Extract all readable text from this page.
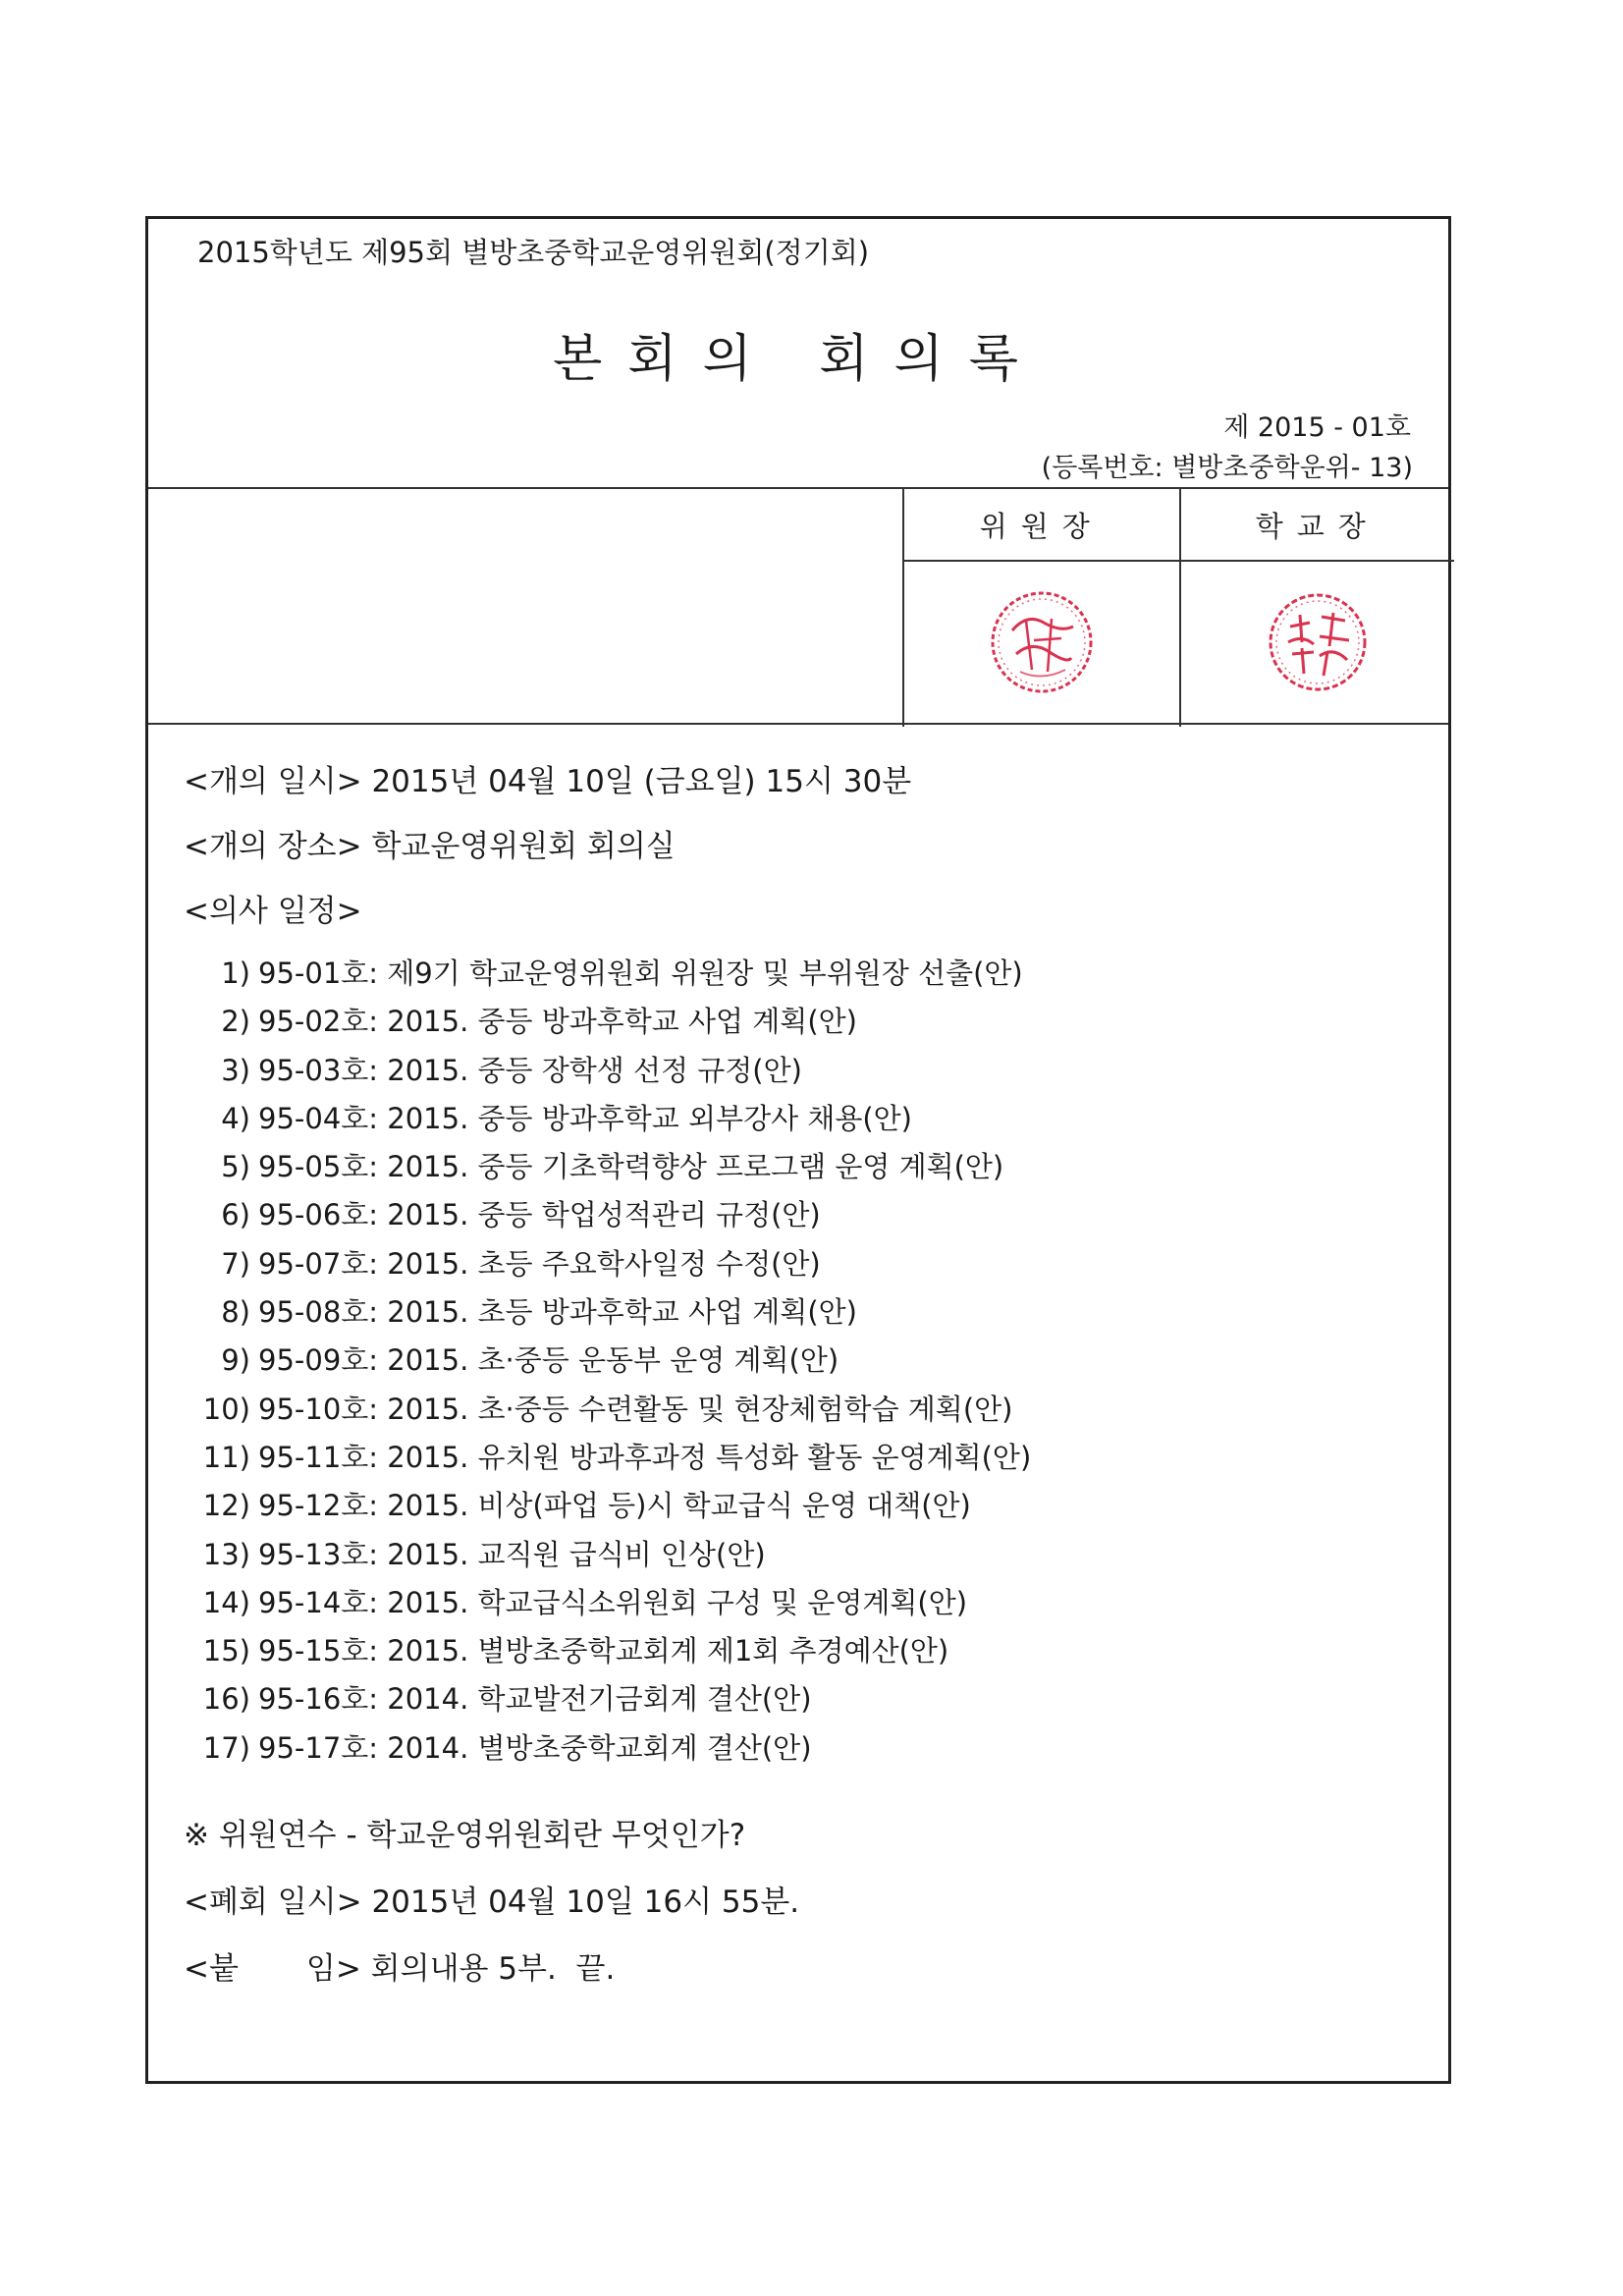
2015학년도 제95회 별방초중학교운영위원회(정기회)
본회의 회의록
제 2015 - 01호
(등록번호: 별방초중학운위- 13)
위원장	학교장

<개의 일시> 2015년 04월 10일 (금요일) 15시 30분
<개의 장소> 학교운영위원회 회의실
<의사 일정>
1) 95-01호: 제9기 학교운영위원회 위원장 및 부위원장 선출(안)
2) 95-02호: 2015. 중등 방과후학교 사업 계획(안)
3) 95-03호: 2015. 중등 장학생 선정 규정(안)
4) 95-04호: 2015. 중등 방과후학교 외부강사 채용(안)
5) 95-05호: 2015. 중등 기초학력향상 프로그램 운영 계획(안)
6) 95-06호: 2015. 중등 학업성적관리 규정(안)
7) 95-07호: 2015. 초등 주요학사일정 수정(안)
8) 95-08호: 2015. 초등 방과후학교 사업 계획(안)
9) 95-09호: 2015. 초·중등 운동부 운영 계획(안)
10) 95-10호: 2015. 초·중등 수련활동 및 현장체험학습 계획(안)
11) 95-11호: 2015. 유치원 방과후과정 특성화 활동 운영계획(안)
12) 95-12호: 2015. 비상(파업 등)시 학교급식 운영 대책(안)
13) 95-13호: 2015. 교직원 급식비 인상(안)
14) 95-14호: 2015. 학교급식소위원회 구성 및 운영계획(안)
15) 95-15호: 2015. 별방초중학교회계 제1회 추경예산(안)
16) 95-16호: 2014. 학교발전기금회계 결산(안)
17) 95-17호: 2014. 별방초중학교회계 결산(안)
※ 위원연수 - 학교운영위원회란 무엇인가?
<폐회 일시> 2015년 04월 10일 16시 55분.
<붙       임> 회의내용 5부.  끝.
